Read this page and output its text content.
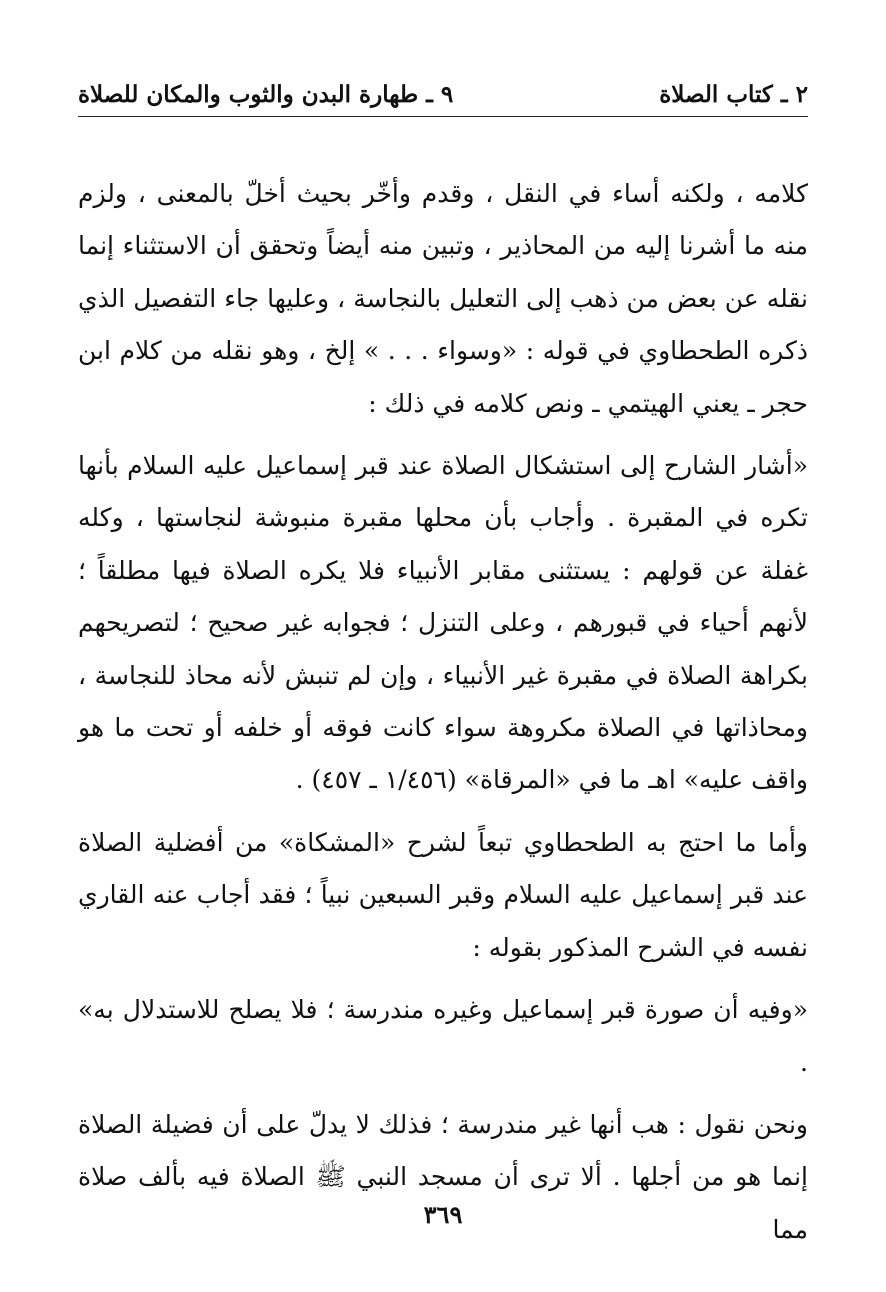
٢ ـ كتاب الصلاة
٩ ـ طهارة البدن والثوب والمكان للصلاة

كلامه ، ولكنه أساء في النقل ، وقدم وأخّر بحيث أخلّ بالمعنى ، ولزم منه ما أشرنا إليه من المحاذير ، وتبين منه أيضاً وتحقق أن الاستثناء إنما نقله عن بعض من ذهب إلى التعليل بالنجاسة ، وعليها جاء التفصيل الذي ذكره الطحطاوي في قوله : «وسواء . . . » إلخ ، وهو نقله من كلام ابن حجر ـ يعني الهيتمي ـ ونص كلامه في ذلك :

«أشار الشارح إلى استشكال الصلاة عند قبر إسماعيل عليه السلام بأنها تكره في المقبرة . وأجاب بأن محلها مقبرة منبوشة لنجاستها ، وكله غفلة عن قولهم : يستثنى مقابر الأنبياء فلا يكره الصلاة فيها مطلقاً ؛ لأنهم أحياء في قبورهم ، وعلى التنزل ؛ فجوابه غير صحيح ؛ لتصريحهم بكراهة الصلاة في مقبرة غير الأنبياء ، وإن لم تنبش لأنه محاذ للنجاسة ، ومحاذاتها في الصلاة مكروهة سواء كانت فوقه أو خلفه أو تحت ما هو واقف عليه» اهـ ما في «المرقاة» (١/٤٥٦ ـ ٤٥٧) .

وأما ما احتج به الطحطاوي تبعاً لشرح «المشكاة» من أفضلية الصلاة عند قبر إسماعيل عليه السلام وقبر السبعين نبياً ؛ فقد أجاب عنه القاري نفسه في الشرح المذكور بقوله :

«وفيه أن صورة قبر إسماعيل وغيره مندرسة ؛ فلا يصلح للاستدلال به» .

ونحن نقول : هب أنها غير مندرسة ؛ فذلك لا يدلّ على أن فضيلة الصلاة إنما هو من أجلها . ألا ترى أن مسجد النبي ﷺ الصلاة فيه بألف صلاة مما

٣٦٩
